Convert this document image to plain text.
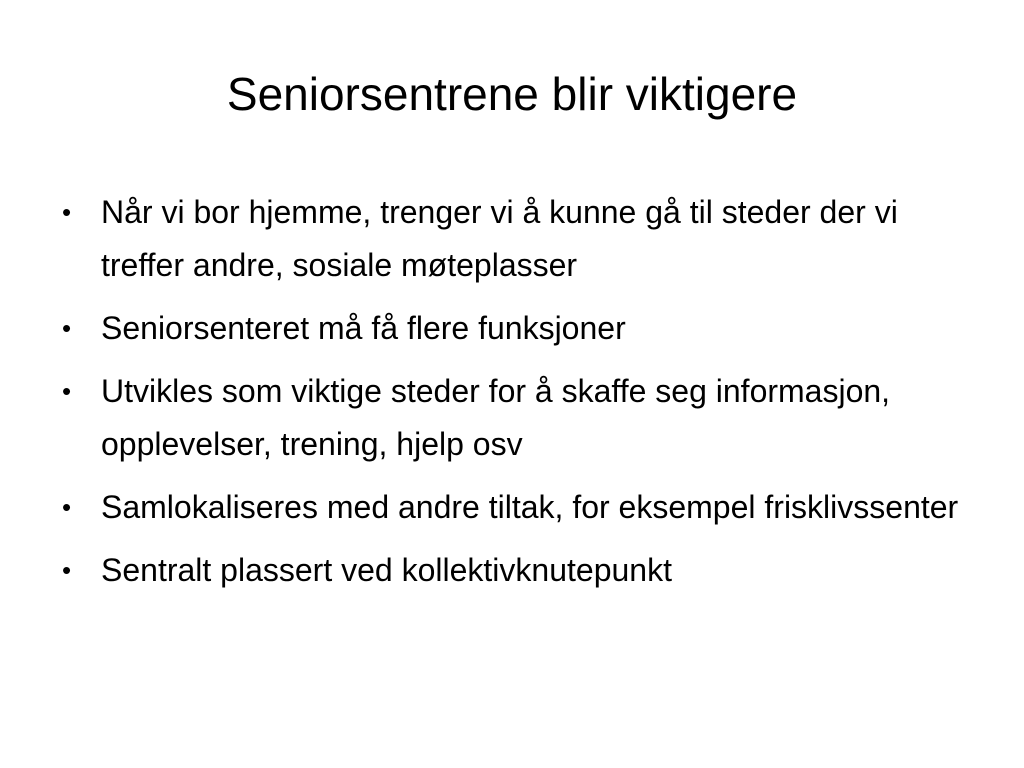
Seniorsentrene blir viktigere
• Når vi bor hjemme, trenger vi å kunne gå til steder der vi treffer andre, sosiale møteplasser
• Seniorsenteret må få flere funksjoner
• Utvikles som viktige steder for å skaffe seg informasjon, opplevelser, trening, hjelp osv
• Samlokaliseres med andre tiltak, for eksempel frisklivssenter
• Sentralt plassert ved kollektivknutepunkt
